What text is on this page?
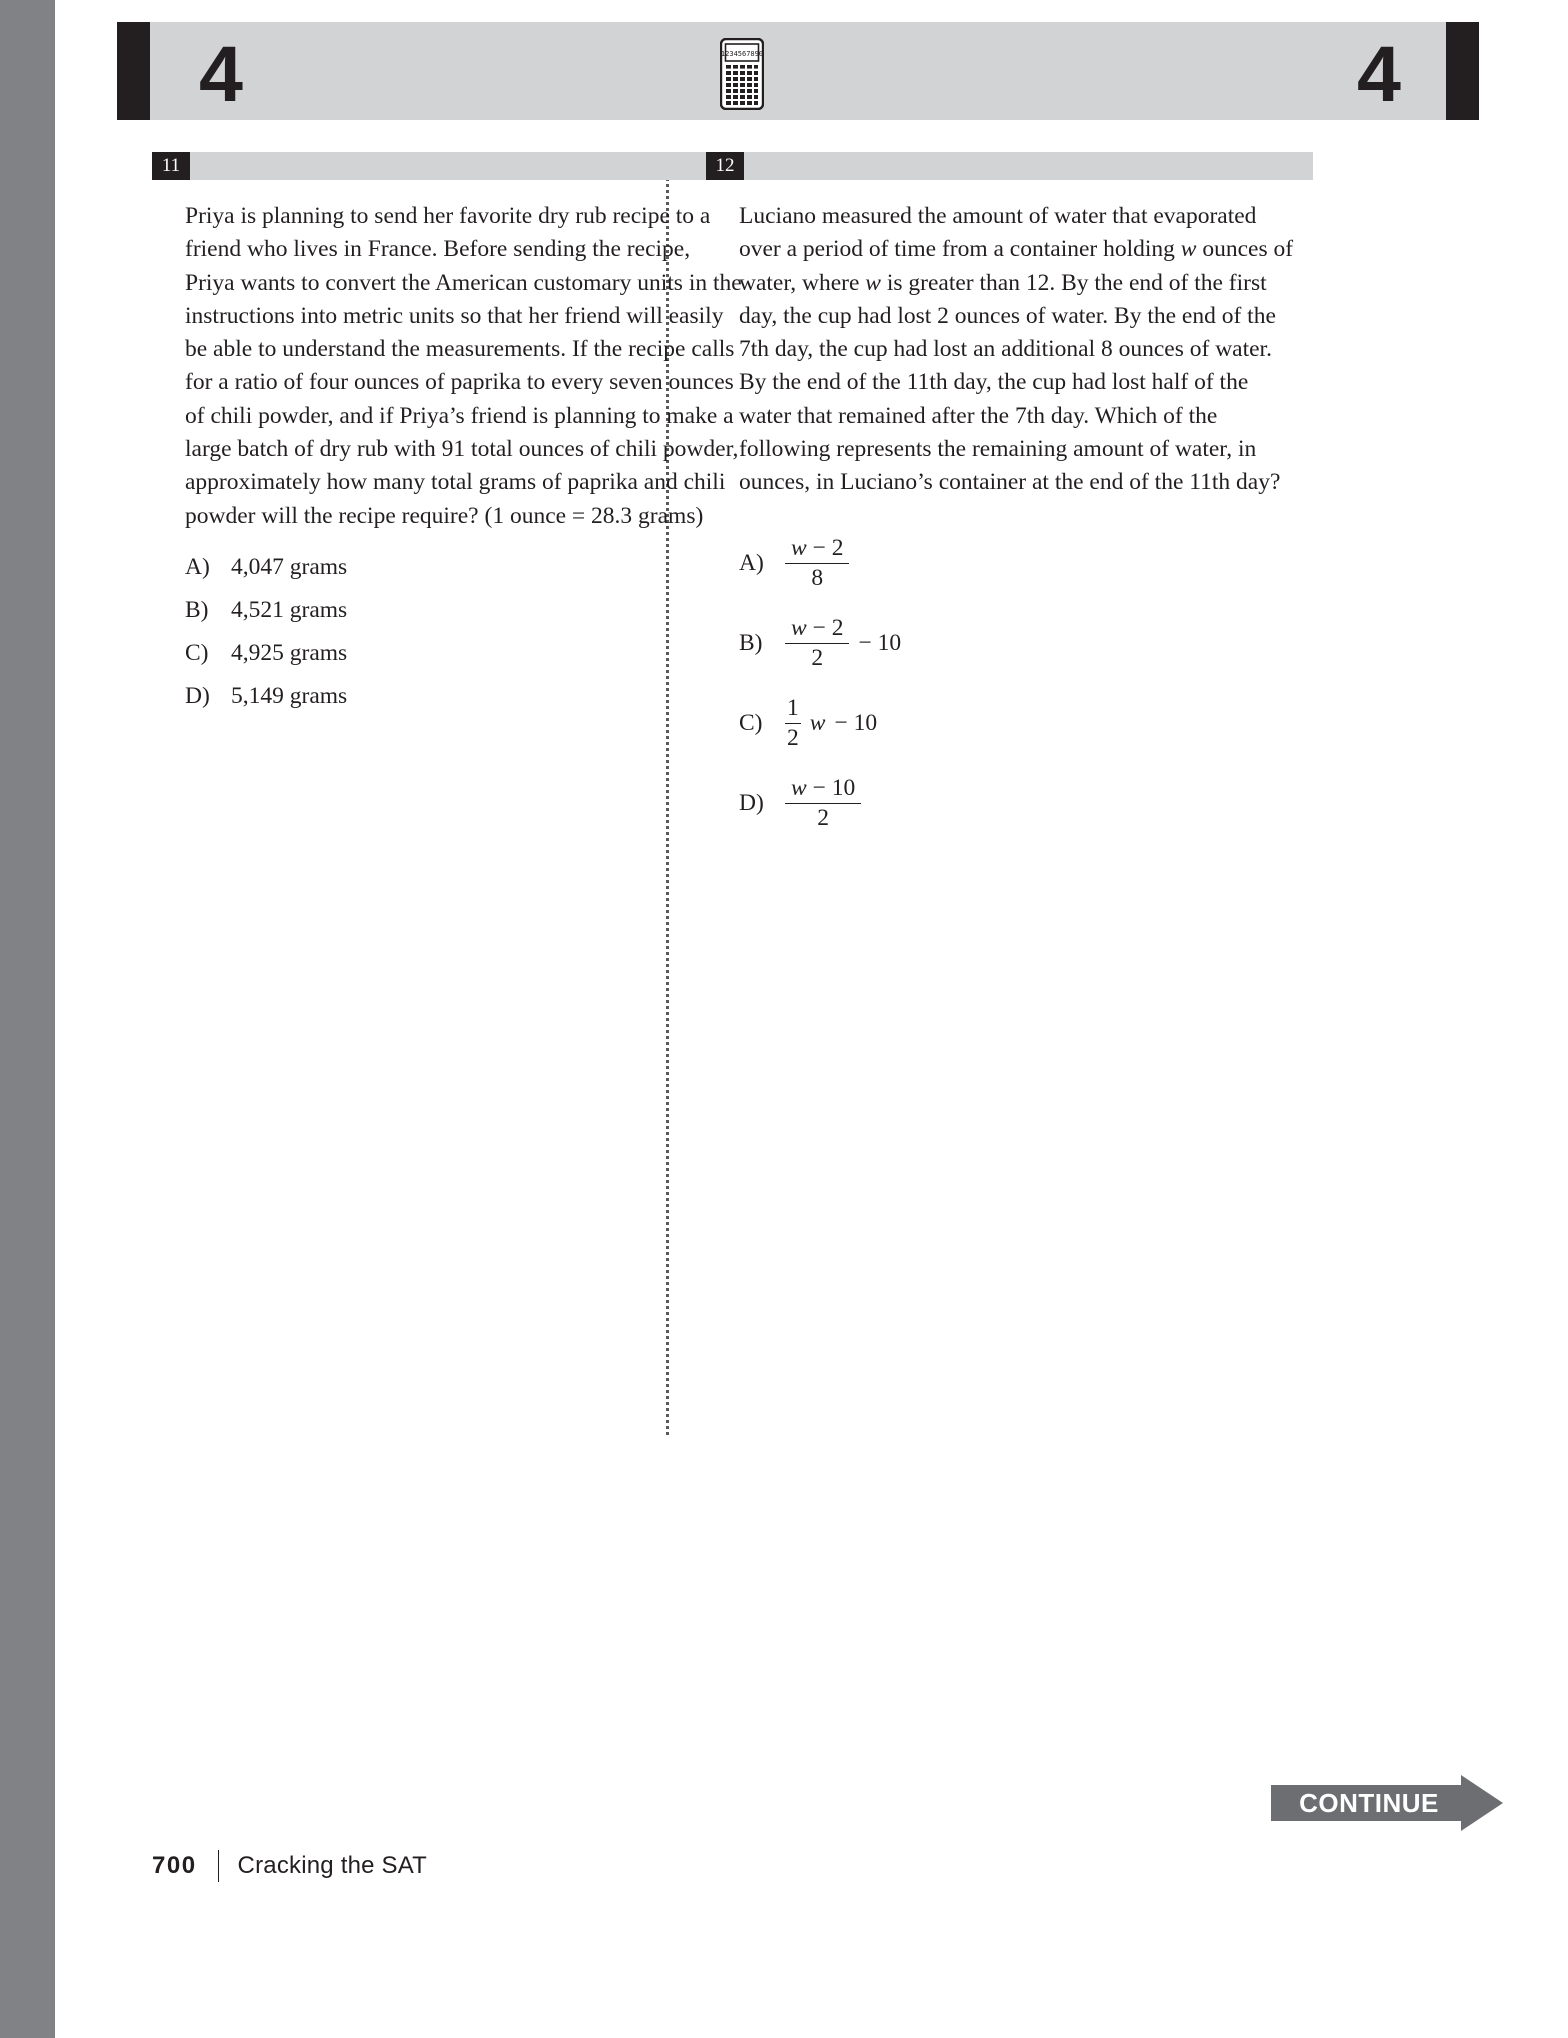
4	4
1234567890
11

Priya is planning to send her favorite dry rub recipe to a friend who lives in France. Before sending the recipe, Priya wants to convert the American customary units in the instructions into metric units so that her friend will easily be able to understand the measurements. If the recipe calls for a ratio of four ounces of paprika to every seven ounces of chili powder, and if Priya’s friend is planning to make a large batch of dry rub with 91 total ounces of chili powder, approximately how many total grams of paprika and chili powder will the recipe require? (1 ounce = 28.3 grams)

A) 4,047 grams
B) 4,521 grams
C) 4,925 grams
D) 5,149 grams
12

Luciano measured the amount of water that evaporated over a period of time from a container holding w ounces of water, where w is greater than 12. By the end of the first day, the cup had lost 2 ounces of water. By the end of the 7th day, the cup had lost an additional 8 ounces of water. By the end of the 11th day, the cup had lost half of the water that remained after the 7th day. Which of the following represents the remaining amount of water, in ounces, in Luciano’s container at the end of the 11th day?

$A) \frac{w - 2}{8}$
$B) \frac{w - 2}{2} - 10$
$C) \frac{1}{2}$ w − 10
$D) \frac{w - 10}{2}$
CONTINUE
700 Cracking the SAT
